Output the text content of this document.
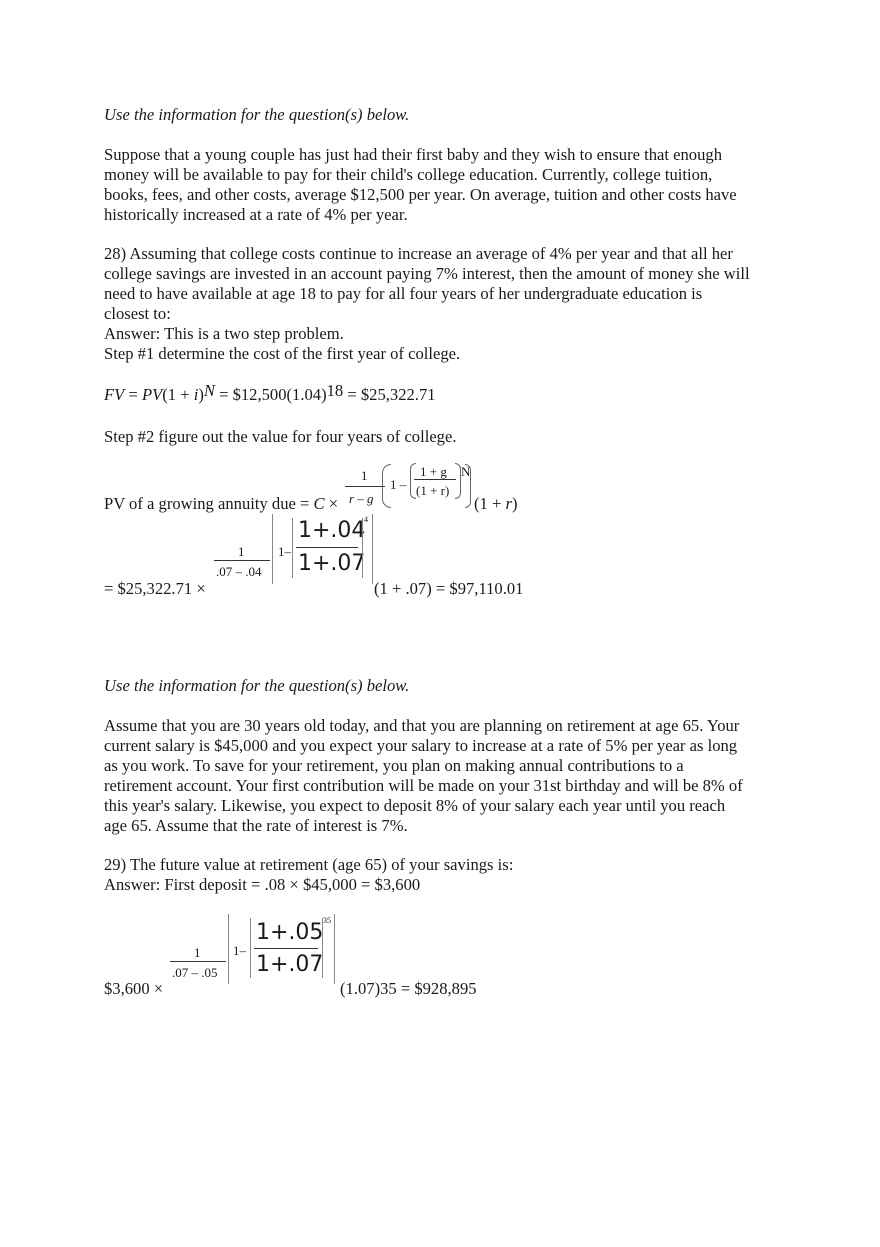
Use the information for the question(s) below.
Suppose that a young couple has just had their first baby and they wish to ensure that enough
money will be available to pay for their child's college education. Currently, college tuition,
books, fees, and other costs, average $12,500 per year. On average, tuition and other costs have
historically increased at a rate of 4% per year.
28) Assuming that college costs continue to increase an average of 4% per year and that all her
college savings are invested in an account paying 7% interest, then the amount of money she will
need to have available at age 18 to pay for all four years of her undergraduate education is
closest to:
Answer: This is a two step problem.
Step #1 determine the cost of the first year of college.
FV = PV(1 + i)N = $12,500(1.04)18 = $25,322.71
Step #2 figure out the value for four years of college.
PV of a growing annuity due = C ×
1
r – g
1 –
1 + g
(1 + r)
N
(1 + r)
= $25,322.71 ×
1
.07 – .04
1–
1+.04
1+.07
4
(1 + .07) = $97,110.01
Use the information for the question(s) below.
Assume that you are 30 years old today, and that you are planning on retirement at age 65. Your
current salary is $45,000 and you expect your salary to increase at a rate of 5% per year as long
as you work. To save for your retirement, you plan on making annual contributions to a
retirement account. Your first contribution will be made on your 31st birthday and will be 8% of
this year's salary. Likewise, you expect to deposit 8% of your salary each year until you reach
age 65. Assume that the rate of interest is 7%.
29) The future value at retirement (age 65) of your savings is:
Answer: First deposit = .08 × $45,000 = $3,600
$3,600 ×
1
.07 – .05
1–
1+.05
1+.07
35
(1.07)35 = $928,895
